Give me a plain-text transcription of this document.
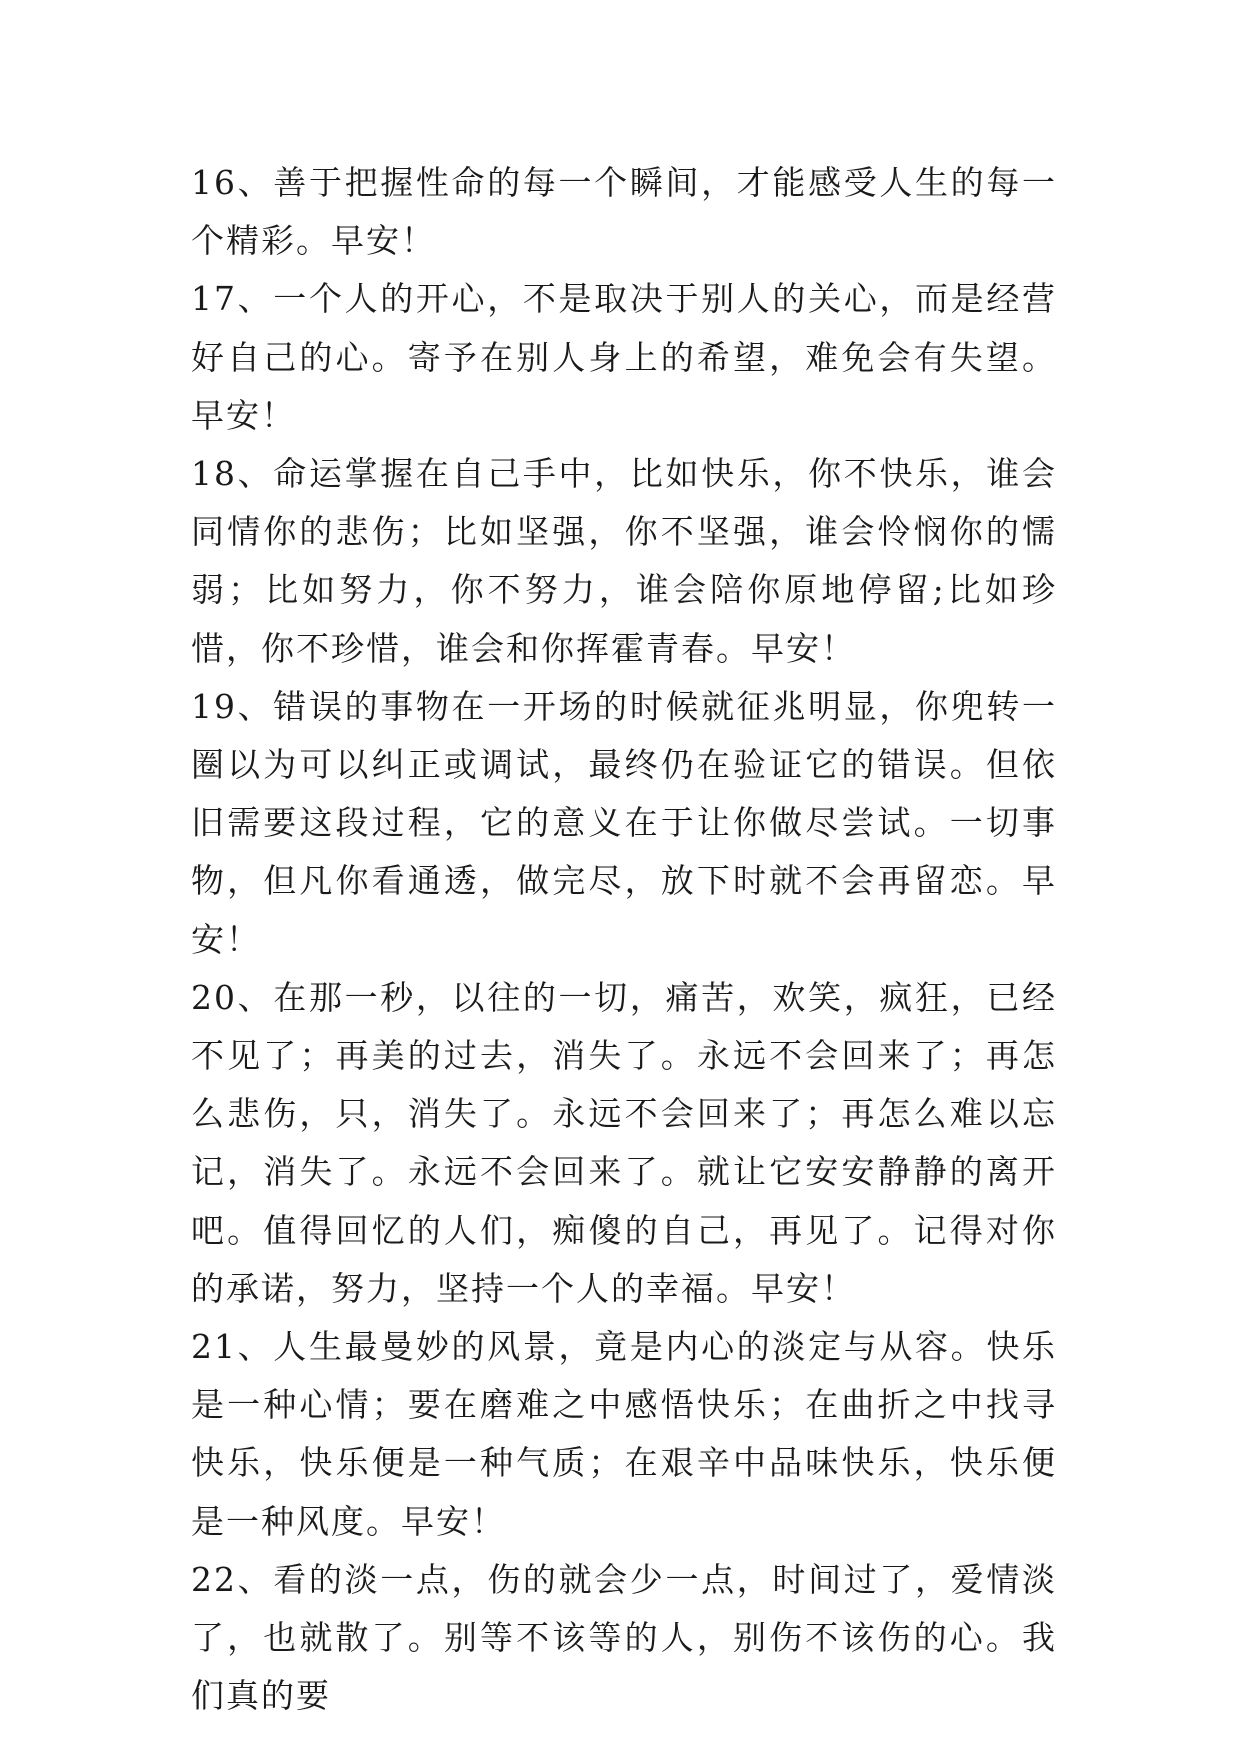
16、善于把握性命的每一个瞬间，才能感受人生的每一个精彩。早安！

17、一个人的开心，不是取决于别人的关心，而是经营好自己的心。寄予在别人身上的希望，难免会有失望。早安！

18、命运掌握在自己手中，比如快乐，你不快乐，谁会同情你的悲伤；比如坚强，你不坚强，谁会怜悯你的懦弱；比如努力，你不努力，谁会陪你原地停留;比如珍惜，你不珍惜，谁会和你挥霍青春。早安！

19、错误的事物在一开场的时候就征兆明显，你兜转一圈以为可以纠正或调试，最终仍在验证它的错误。但依旧需要这段过程，它的意义在于让你做尽尝试。一切事物，但凡你看通透，做完尽，放下时就不会再留恋。早安！

20、在那一秒，以往的一切，痛苦，欢笑，疯狂，已经不见了；再美的过去，消失了。永远不会回来了；再怎么悲伤，只，消失了。永远不会回来了；再怎么难以忘记，消失了。永远不会回来了。就让它安安静静的离开吧。值得回忆的人们，痴傻的自己，再见了。记得对你的承诺，努力，坚持一个人的幸福。早安！

21、人生最曼妙的风景，竟是内心的淡定与从容。快乐是一种心情；要在磨难之中感悟快乐；在曲折之中找寻快乐，快乐便是一种气质；在艰辛中品味快乐，快乐便是一种风度。早安！

22、看的淡一点，伤的就会少一点，时间过了，爱情淡了，也就散了。别等不该等的人，别伤不该伤的心。我们真的要
